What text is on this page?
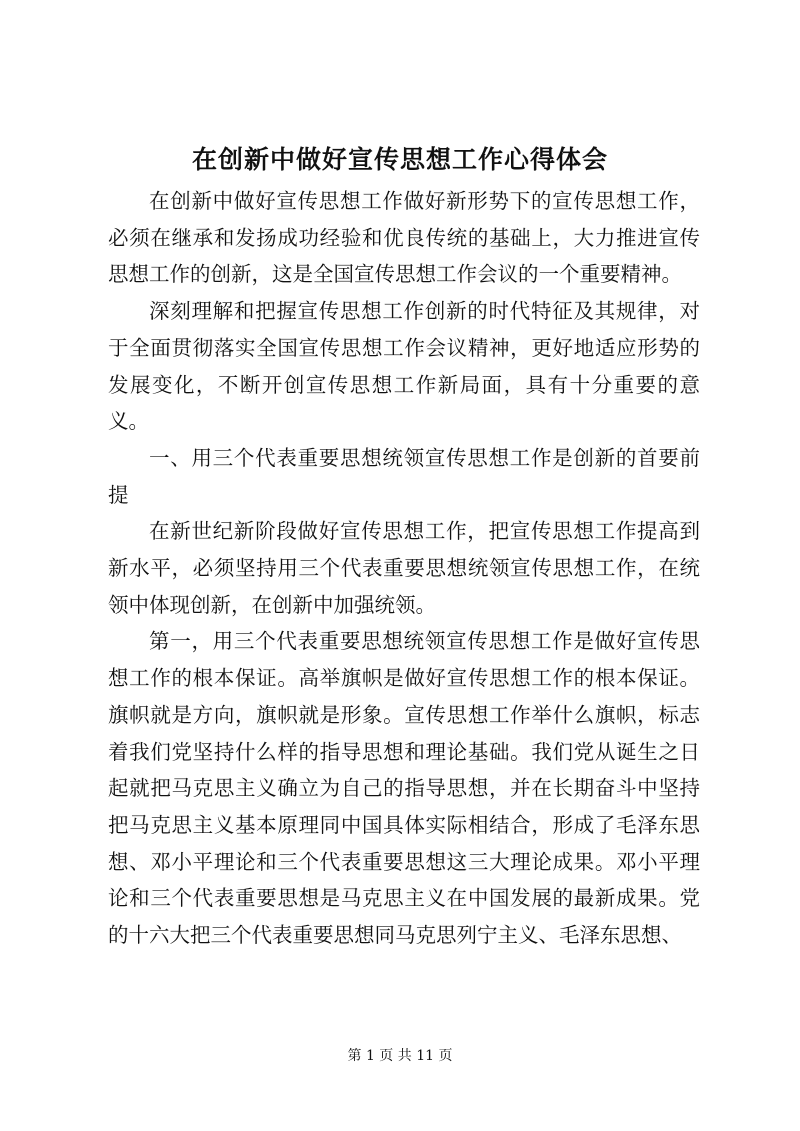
在创新中做好宣传思想工作心得体会

在创新中做好宣传思想工作做好新形势下的宣传思想工作，必须在继承和发扬成功经验和优良传统的基础上，大力推进宣传思想工作的创新，这是全国宣传思想工作会议的一个重要精神。

深刻理解和把握宣传思想工作创新的时代特征及其规律，对于全面贯彻落实全国宣传思想工作会议精神，更好地适应形势的发展变化，不断开创宣传思想工作新局面，具有十分重要的意义。

一、用三个代表重要思想统领宣传思想工作是创新的首要前提

在新世纪新阶段做好宣传思想工作，把宣传思想工作提高到新水平，必须坚持用三个代表重要思想统领宣传思想工作，在统领中体现创新，在创新中加强统领。

第一，用三个代表重要思想统领宣传思想工作是做好宣传思想工作的根本保证。高举旗帜是做好宣传思想工作的根本保证。旗帜就是方向，旗帜就是形象。宣传思想工作举什么旗帜，标志着我们党坚持什么样的指导思想和理论基础。我们党从诞生之日起就把马克思主义确立为自己的指导思想，并在长期奋斗中坚持把马克思主义基本原理同中国具体实际相结合，形成了毛泽东思想、邓小平理论和三个代表重要思想这三大理论成果。邓小平理论和三个代表重要思想是马克思主义在中国发展的最新成果。党的十六大把三个代表重要思想同马克思列宁主义、毛泽东思想、

第 1 页 共 11 页
